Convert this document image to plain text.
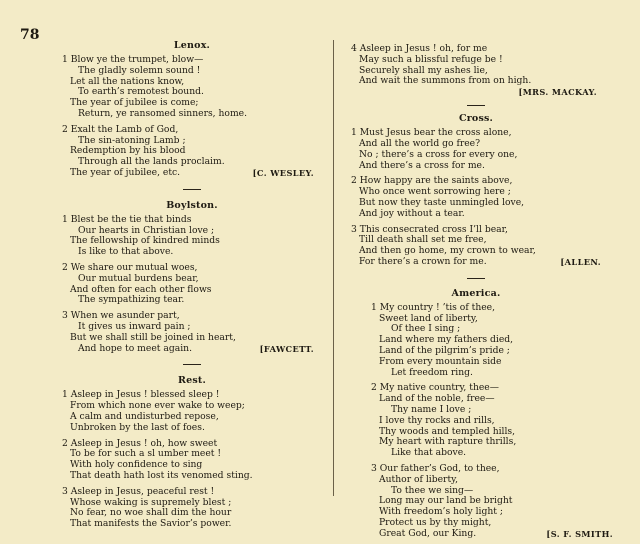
78
Lenox.
1 Blow ye the trumpet, blow—
The gladly solemn sound !
Let all the nations know,
To earth’s remotest bound.
The year of jubilee is come;
Return, ye ransomed sinners, home.
2 Exalt the Lamb of God,
The sin-atoning Lamb ;
Redemption by his blood
Through all the lands proclaim.
The year of jubilee, etc.	[C. WESLEY.
Boylston.
1 Blest be the tie that binds
Our hearts in Christian love ;
The fellowship of kindred minds
Is like to that above.
2 We share our mutual woes,
Our mutual burdens bear,
And often for each other flows
The sympathizing tear.
3 When we asunder part,
It gives us inward pain ;
But we shall still be joined in heart,
And hope to meet again.	[FAWCETT.
Rest.
1 Asleep in Jesus ! blessed sleep !
From which none ever wake to weep;
A calm and undisturbed repose,
Unbroken by the last of foes.
2 Asleep in Jesus ! oh, how sweet
To be for such a sl umber meet !
With holy confidence to sing
That death hath lost its venomed sting.
3 Asleep in Jesus, peaceful rest !
Whose waking is supremely blest ;
No fear, no woe shall dim the hour
That manifests the Savior’s power.
4 Asleep in Jesus ! oh, for me
May such a blissful refuge be !
Securely shall my ashes lie,
And wait the summons from on high.
[MRS. MACKAY.
Cross.
1 Must Jesus bear the cross alone,
And all the world go free?
No ; there’s a cross for every one,
And there’s a cross for me.
2 How happy are the saints above,
Who once went sorrowing here ;
But now they taste unmingled love,
And joy without a tear.
3 This consecrated cross I’ll bear,
Till death shall set me free,
And then go home, my crown to wear,
For there’s a crown for me.	[ALLEN.
America.
1 My country ! ’tis of thee,
Sweet land of liberty,
Of thee I sing ;
Land where my fathers died,
Land of the pilgrim’s pride ;
From every mountain side
Let freedom ring.
2 My native country, thee—
Land of the noble, free—
Thy name I love ;
I love thy rocks and rills,
Thy woods and templed hills,
My heart with rapture thrills,
Like that above.
3 Our father’s God, to thee,
Author of liberty,
To thee we sing—
Long may our land be bright
With freedom’s holy light ;
Protect us by thy might,
Great God, our King.	[S. F. SMITH.
